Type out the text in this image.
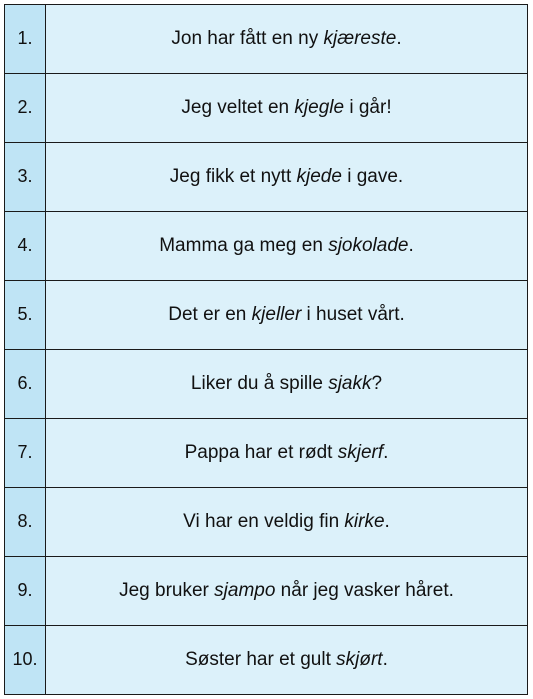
1.	Jon har fått en ny kjæreste.
2.	Jeg veltet en kjegle i går!
3.	Jeg fikk et nytt kjede i gave.
4.	Mamma ga meg en sjokolade.
5.	Det er en kjeller i huset vårt.
6.	Liker du å spille sjakk?
7.	Pappa har et rødt skjerf.
8.	Vi har en veldig fin kirke.
9.	Jeg bruker sjampo når jeg vasker håret.
10.	Søster har et gult skjørt.
